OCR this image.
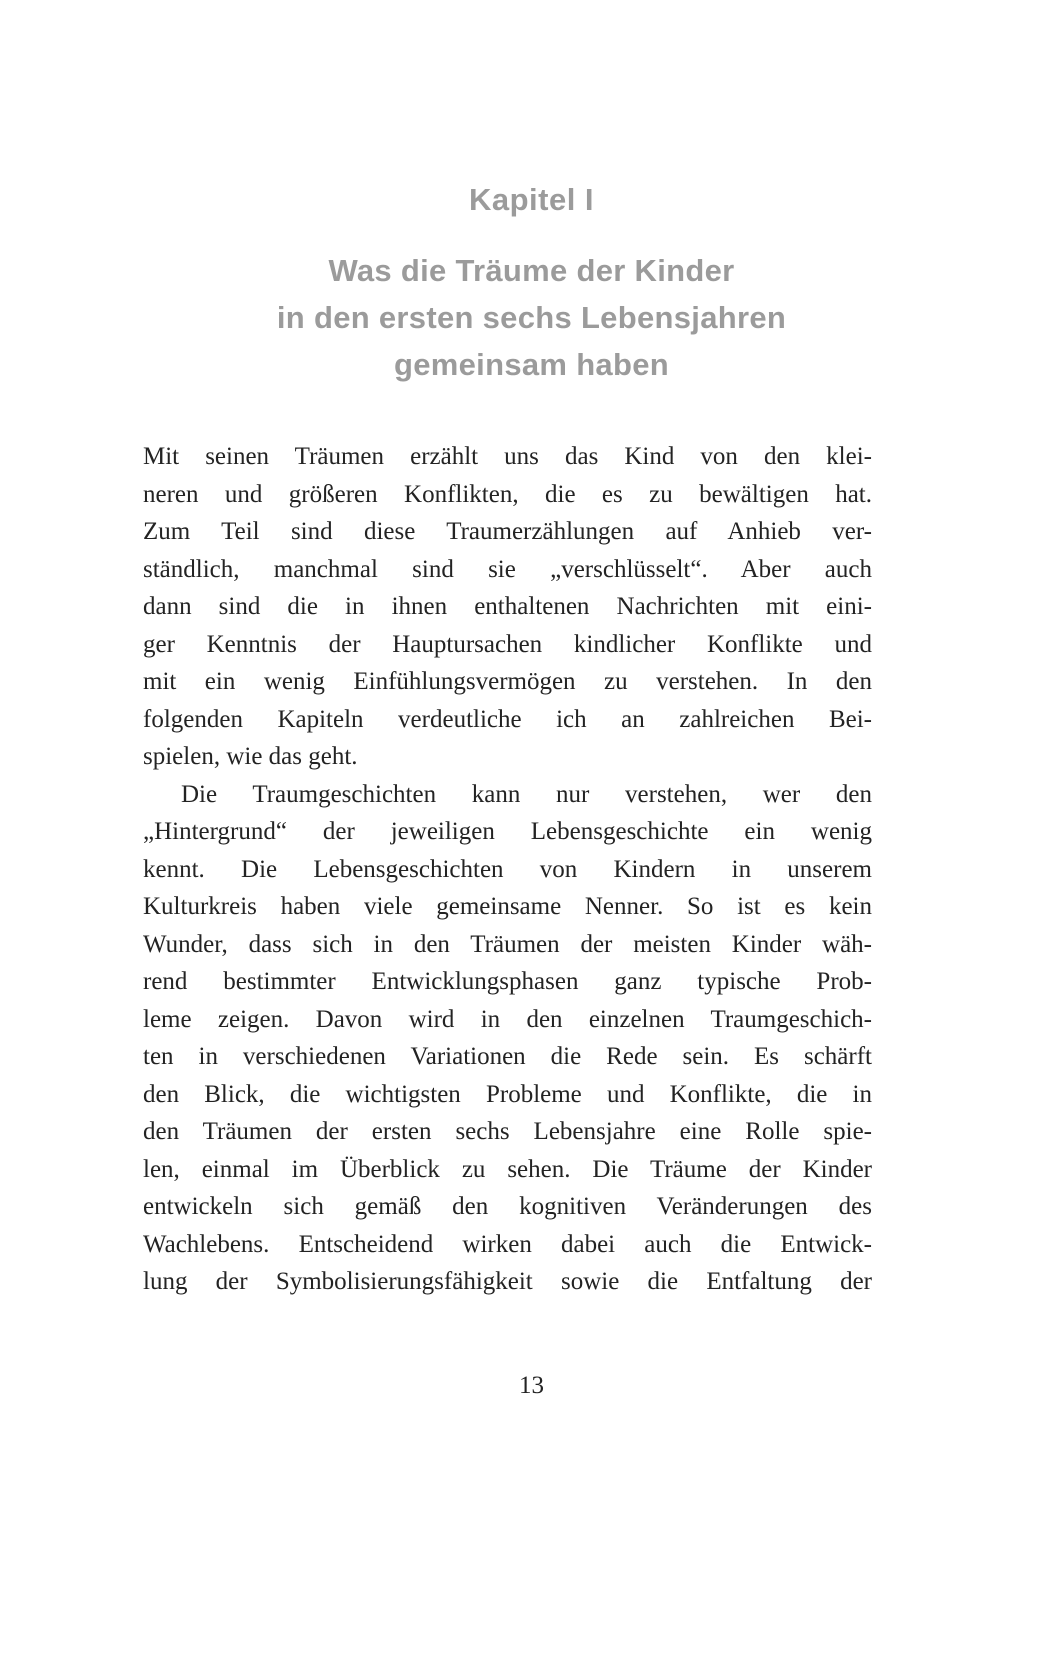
Kapitel I
Was die Träume der Kinder
in den ersten sechs Lebensjahren
gemeinsam haben
Mit seinen Träumen erzählt uns das Kind von den klei-
neren und größeren Konflikten, die es zu bewältigen hat.
Zum Teil sind diese Traumerzählungen auf Anhieb ver-
ständlich, manchmal sind sie „verschlüsselt“. Aber auch
dann sind die in ihnen enthaltenen Nachrichten mit eini-
ger Kenntnis der Hauptursachen kindlicher Konflikte und
mit ein wenig Einfühlungsvermögen zu verstehen. In den
folgenden Kapiteln verdeutliche ich an zahlreichen Bei-
spielen, wie das geht.
Die Traumgeschichten kann nur verstehen, wer den
„Hintergrund“ der jeweiligen Lebensgeschichte ein wenig
kennt. Die Lebensgeschichten von Kindern in unserem
Kulturkreis haben viele gemeinsame Nenner. So ist es kein
Wunder, dass sich in den Träumen der meisten Kinder wäh-
rend bestimmter Entwicklungsphasen ganz typische Prob-
leme zeigen. Davon wird in den einzelnen Traumgeschich-
ten in verschiedenen Variationen die Rede sein. Es schärft
den Blick, die wichtigsten Probleme und Konflikte, die in
den Träumen der ersten sechs Lebensjahre eine Rolle spie-
len, einmal im Überblick zu sehen. Die Träume der Kinder
entwickeln sich gemäß den kognitiven Veränderungen des
Wachlebens. Entscheidend wirken dabei auch die Entwick-
lung der Symbolisierungsfähigkeit sowie die Entfaltung der
13
